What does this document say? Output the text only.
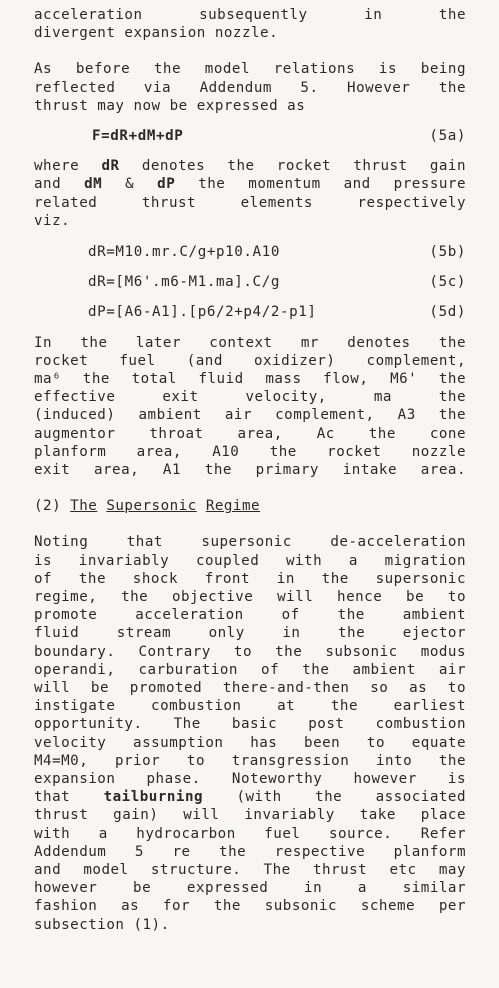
acceleration subsequently in the
divergent expansion nozzle.
As before the model relations is being
reflected via Addendum 5. However the
thrust may now be expressed as
F=dR+dM+dP	(5a)
where dR denotes the rocket thrust gain
and dM & dP the momentum and pressure
related thrust elements respectively
viz.
dR=M10.mr.C/g+p10.A10	(5b)
dR=[M6'.m6-M1.ma].C/g	(5c)
dP=[A6-A1].[p6/2+p4/2-p1]	(5d)
In the later context mr denotes the
rocket fuel (and oxidizer) complement,
ma⁶ the total fluid mass flow, M6' the
effective exit velocity, ma the
(induced) ambient air complement, A3 the
augmentor throat area, Ac the cone
planform area, A10 the rocket nozzle
exit area, A1 the primary intake area.
(2) The Supersonic Regime
Noting that supersonic de-acceleration
is invariably coupled with a migration
of the shock front in the supersonic
regime, the objective will hence be to
promote acceleration of the ambient
fluid stream only in the ejector
boundary. Contrary to the subsonic modus
operandi, carburation of the ambient air
will be promoted there-and-then so as to
instigate combustion at the earliest
opportunity. The basic post combustion
velocity assumption has been to equate
M4=M0, prior to transgression into the
expansion phase. Noteworthy however is
that tailburning (with the associated
thrust gain) will invariably take place
with a hydrocarbon fuel source. Refer
Addendum 5 re the respective planform
and model structure. The thrust etc may
however be expressed in a similar
fashion as for the subsonic scheme per
subsection (1).
